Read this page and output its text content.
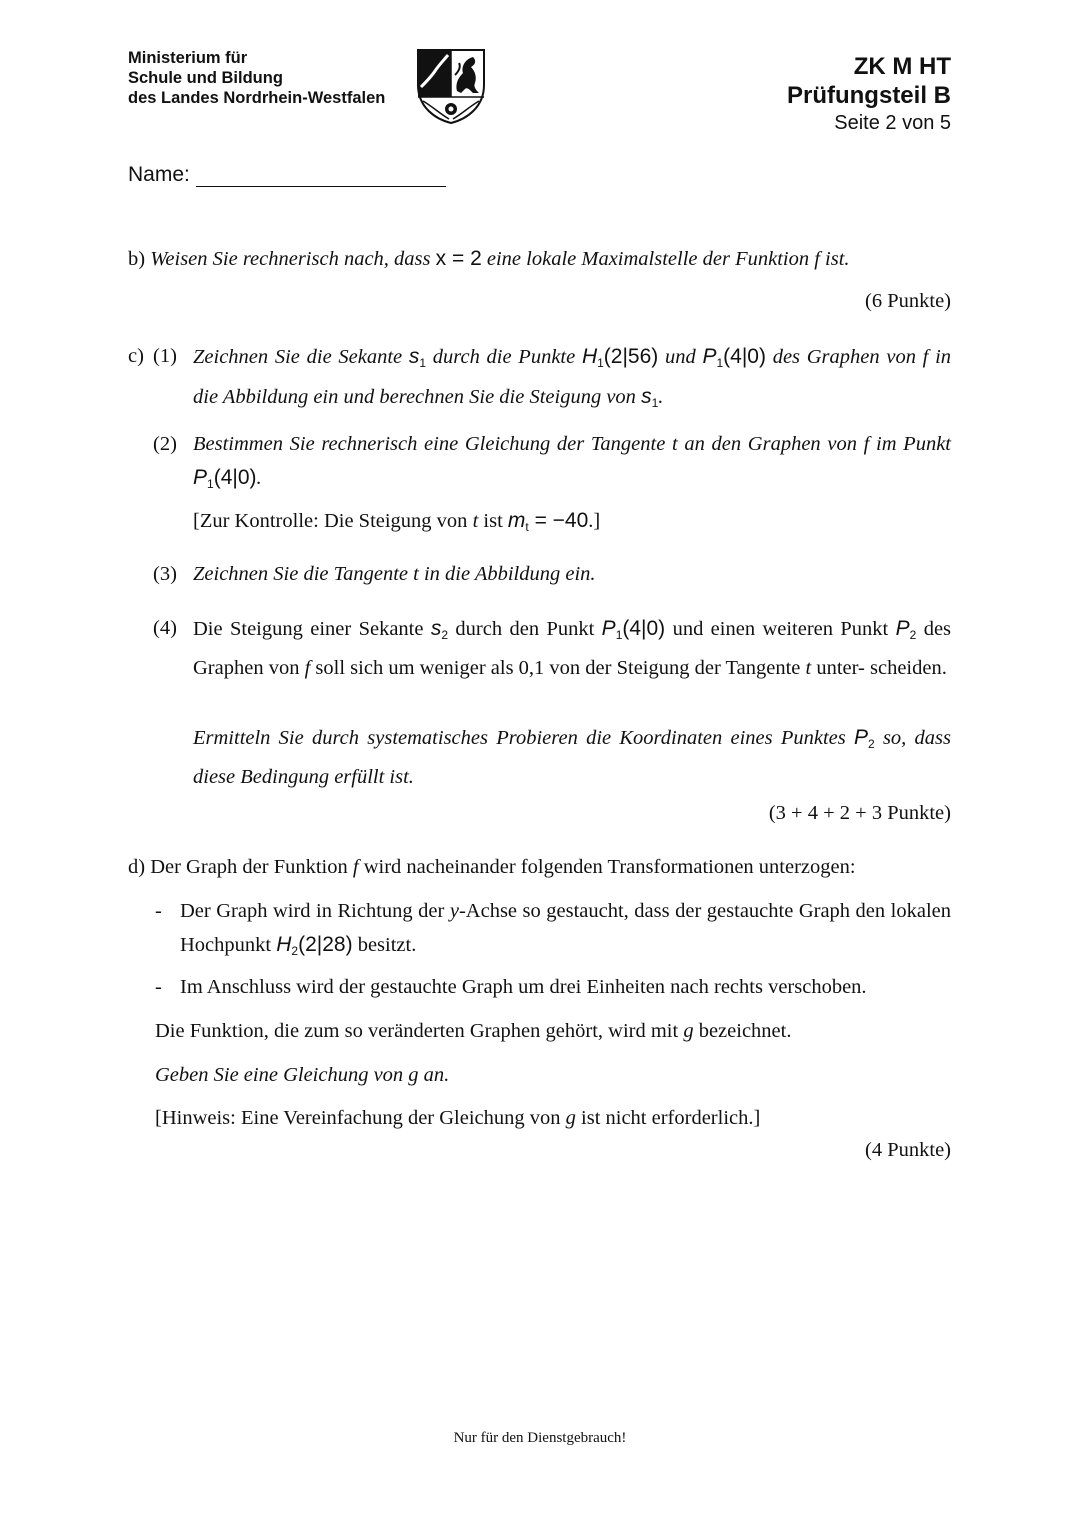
Ministerium für
Schule und Bildung
des Landes Nordrhein-Westfalen
ZK M HT
Prüfungsteil B
Seite 2 von 5
Name:
b) Weisen Sie rechnerisch nach, dass x = 2 eine lokale Maximalstelle der Funktion f ist.
(6 Punkte)
c) (1) Zeichnen Sie die Sekante $s_1$ durch die Punkte $H_1(2|56)$ und $P_1(4|0)$ des Graphen von f in die Abbildung ein und berechnen Sie die Steigung von $s_1$.
(2) Bestimmen Sie rechnerisch eine Gleichung der Tangente t an den Graphen von f im Punkt $P_1(4|0)$.
[Zur Kontrolle: Die Steigung von t ist $m_t = -40$.]
(3) Zeichnen Sie die Tangente t in die Abbildung ein.
(4) Die Steigung einer Sekante $s_2$ durch den Punkt $P_1(4|0)$ und einen weiteren Punkt $P_2$ des Graphen von f soll sich um weniger als 0,1 von der Steigung der Tangente t unter- scheiden.
Ermitteln Sie durch systematisches Probieren die Koordinaten eines Punktes $P_2$ so, dass diese Bedingung erfüllt ist.
(3 + 4 + 2 + 3 Punkte)
d) Der Graph der Funktion f wird nacheinander folgenden Transformationen unterzogen:
- Der Graph wird in Richtung der y-Achse so gestaucht, dass der gestauchte Graph den lokalen Hochpunkt $H_2(2|28)$ besitzt.
- Im Anschluss wird der gestauchte Graph um drei Einheiten nach rechts verschoben.
Die Funktion, die zum so veränderten Graphen gehört, wird mit g bezeichnet.
Geben Sie eine Gleichung von g an.
[Hinweis: Eine Vereinfachung der Gleichung von g ist nicht erforderlich.]
(4 Punkte)
Nur für den Dienstgebrauch!
